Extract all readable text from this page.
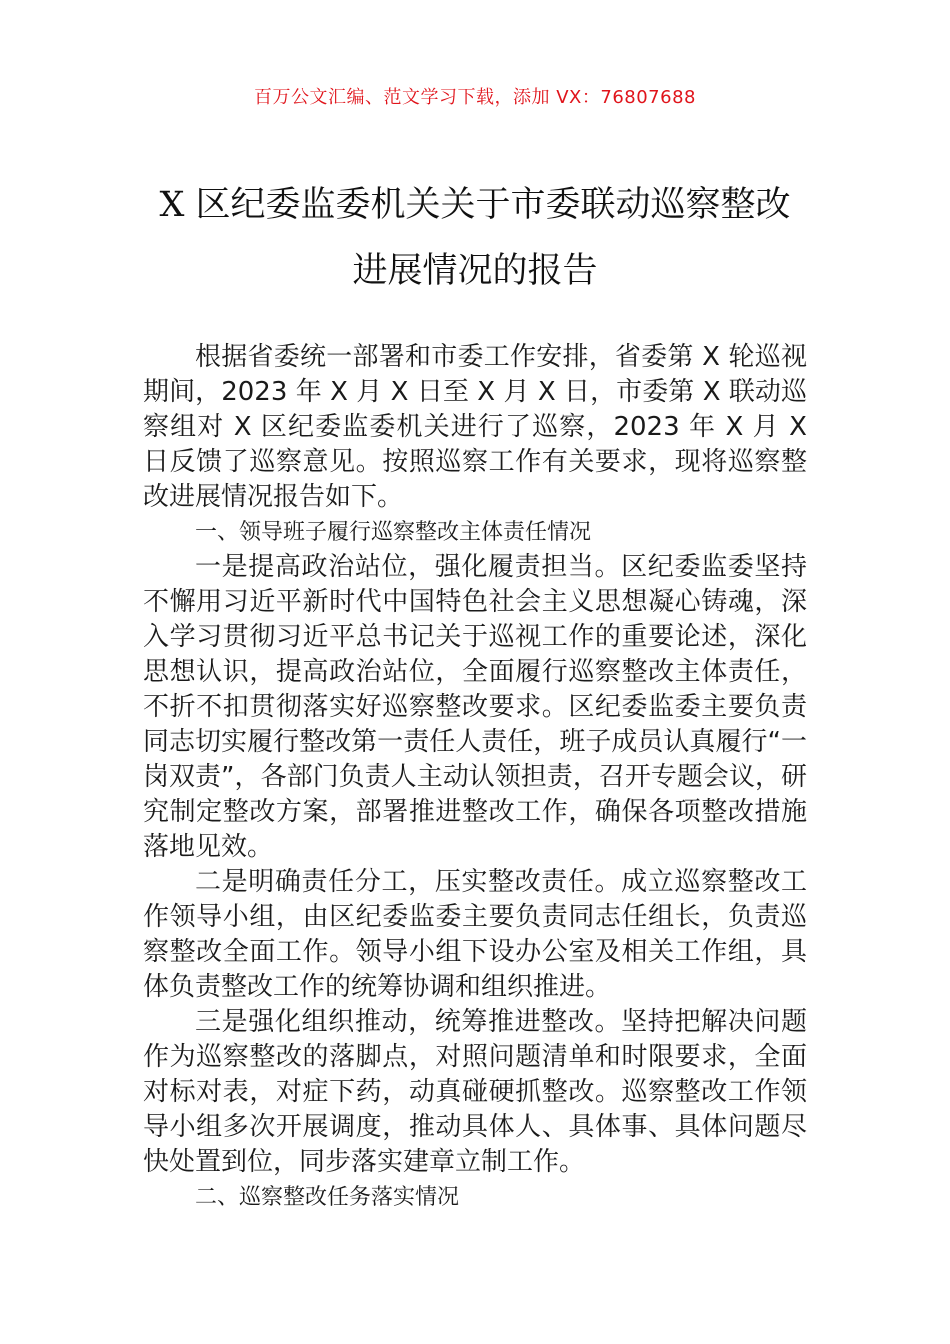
百万公文汇编、范文学习下载，添加 VX：76807688
X 区纪委监委机关关于市委联动巡察整改
进展情况的报告

根据省委统一部署和市委工作安排，省委第 X 轮巡视期间，2023 年 X 月 X 日至 X 月 X 日，市委第 X 联动巡察组对 X 区纪委监委机关进行了巡察，2023 年 X 月 X 日反馈了巡察意见。按照巡察工作有关要求，现将巡察整改进展情况报告如下。

一、领导班子履行巡察整改主体责任情况

一是提高政治站位，强化履责担当。区纪委监委坚持不懈用习近平新时代中国特色社会主义思想凝心铸魂，深入学习贯彻习近平总书记关于巡视工作的重要论述，深化思想认识，提高政治站位，全面履行巡察整改主体责任，不折不扣贯彻落实好巡察整改要求。区纪委监委主要负责同志切实履行整改第一责任人责任，班子成员认真履行“一岗双责”，各部门负责人主动认领担责，召开专题会议，研究制定整改方案，部署推进整改工作，确保各项整改措施落地见效。

二是明确责任分工，压实整改责任。成立巡察整改工作领导小组，由区纪委监委主要负责同志任组长，负责巡察整改全面工作。领导小组下设办公室及相关工作组，具体负责整改工作的统筹协调和组织推进。

三是强化组织推动，统筹推进整改。坚持把解决问题作为巡察整改的落脚点，对照问题清单和时限要求，全面对标对表，对症下药，动真碰硬抓整改。巡察整改工作领导小组多次开展调度，推动具体人、具体事、具体问题尽快处置到位，同步落实建章立制工作。

二、巡察整改任务落实情况
